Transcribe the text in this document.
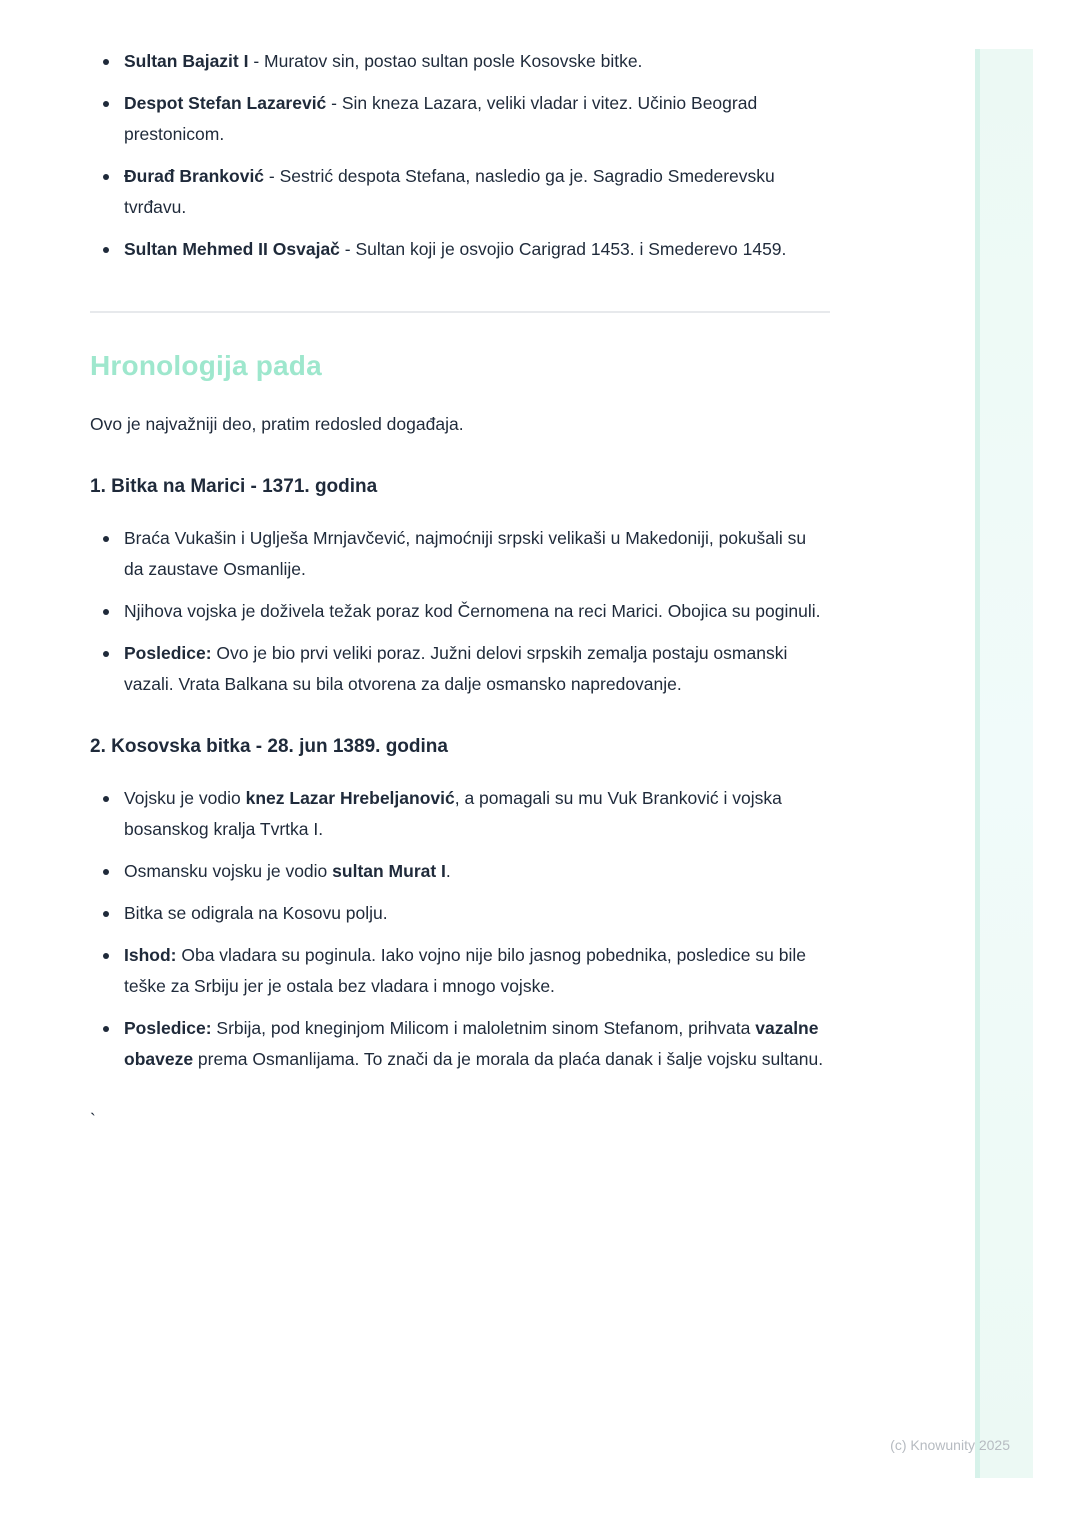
Sultan Bajazit I - Muratov sin, postao sultan posle Kosovske bitke.
Despot Stefan Lazarević - Sin kneza Lazara, veliki vladar i vitez. Učinio Beograd prestonicom.
Đurađ Branković - Sestrić despota Stefana, nasledio ga je. Sagradio Smederevsku tvrđavu.
Sultan Mehmed II Osvajač - Sultan koji je osvojio Carigrad 1453. i Smederevo 1459.
Hronologija pada

Ovo je najvažniji deo, pratim redosled događaja.

1. Bitka na Marici - 1371. godina
Braća Vukašin i Uglješa Mrnjavčević, najmoćniji srpski velikaši u Makedoniji, pokušali su da zaustave Osmanlije.
Njihova vojska je doživela težak poraz kod Černomena na reci Marici. Obojica su poginuli.
Posledice: Ovo je bio prvi veliki poraz. Južni delovi srpskih zemalja postaju osmanski vazali. Vrata Balkana su bila otvorena za dalje osmansko napredovanje.
2. Kosovska bitka - 28. jun 1389. godina
Vojsku je vodio knez Lazar Hrebeljanović, a pomagali su mu Vuk Branković i vojska bosanskog kralja Tvrtka I.
Osmansku vojsku je vodio sultan Murat I.
Bitka se odigrala na Kosovu polju.
Ishod: Oba vladara su poginula. Iako vojno nije bilo jasnog pobednika, posledice su bile teške za Srbiju jer je ostala bez vladara i mnogo vojske.
Posledice: Srbija, pod kneginjom Milicom i maloletnim sinom Stefanom, prihvata vazalne obaveze prema Osmanlijama. To znači da je morala da plaća danak i šalje vojsku sultanu.

`

(c) Knowunity 2025
